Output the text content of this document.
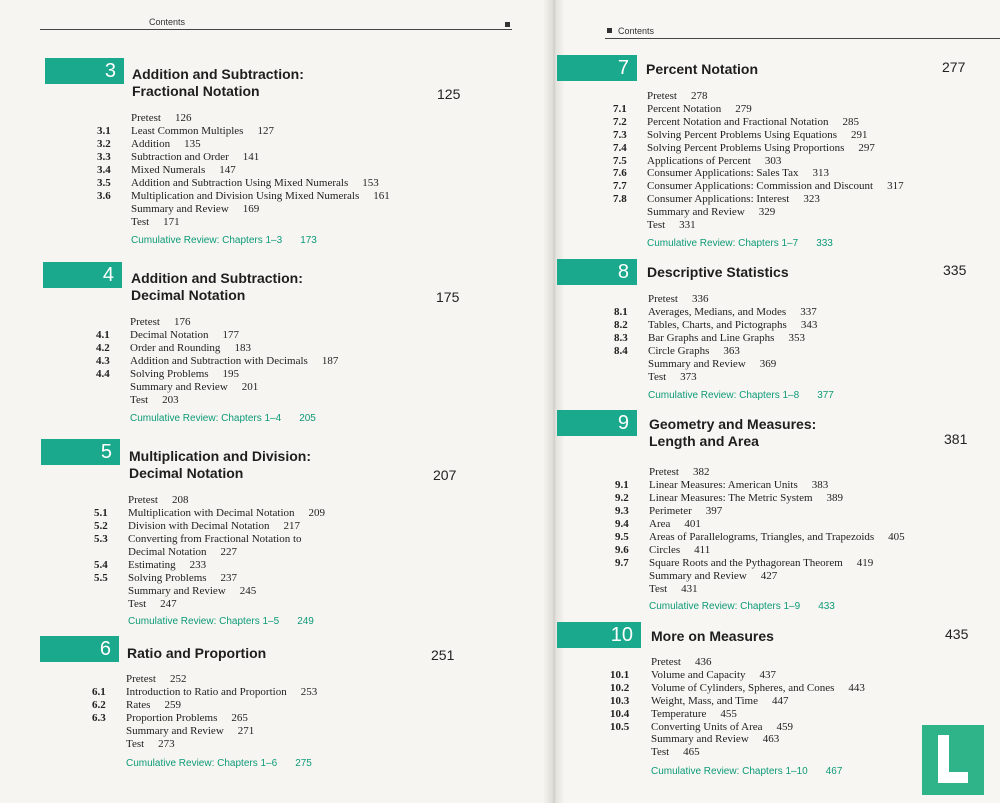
Contents
Contents
3 Addition and Subtraction:
Fractional Notation	125
Pretest 126
3.1 Least Common Multiples 127
3.2 Addition 135
3.3 Subtraction and Order 141
3.4 Mixed Numerals 147
3.5 Addition and Subtraction Using Mixed Numerals 153
3.6 Multiplication and Division Using Mixed Numerals 161
Summary and Review 169
Test 171
Cumulative Review: Chapters 1–3 173
4 Addition and Subtraction:
Decimal Notation	175
Pretest 176
4.1 Decimal Notation 177
4.2 Order and Rounding 183
4.3 Addition and Subtraction with Decimals 187
4.4 Solving Problems 195
Summary and Review 201
Test 203
Cumulative Review: Chapters 1–4 205
5 Multiplication and Division:
Decimal Notation	207
Pretest 208
5.1 Multiplication with Decimal Notation 209
5.2 Division with Decimal Notation 217
5.3 Converting from Fractional Notation to
Decimal Notation 227
5.4 Estimating 233
5.5 Solving Problems 237
Summary and Review 245
Test 247
Cumulative Review: Chapters 1–5 249
6 Ratio and Proportion	251
Pretest 252
6.1 Introduction to Ratio and Proportion 253
6.2 Rates 259
6.3 Proportion Problems 265
Summary and Review 271
Test 273
Cumulative Review: Chapters 1–6 275
7 Percent Notation	277
Pretest 278
7.1 Percent Notation 279
7.2 Percent Notation and Fractional Notation 285
7.3 Solving Percent Problems Using Equations 291
7.4 Solving Percent Problems Using Proportions 297
7.5 Applications of Percent 303
7.6 Consumer Applications: Sales Tax 313
7.7 Consumer Applications: Commission and Discount 317
7.8 Consumer Applications: Interest 323
Summary and Review 329
Test 331
Cumulative Review: Chapters 1–7 333
8 Descriptive Statistics	335
Pretest 336
8.1 Averages, Medians, and Modes 337
8.2 Tables, Charts, and Pictographs 343
8.3 Bar Graphs and Line Graphs 353
8.4 Circle Graphs 363
Summary and Review 369
Test 373
Cumulative Review: Chapters 1–8 377
9 Geometry and Measures:
Length and Area	381
Pretest 382
9.1 Linear Measures: American Units 383
9.2 Linear Measures: The Metric System 389
9.3 Perimeter 397
9.4 Area 401
9.5 Areas of Parallelograms, Triangles, and Trapezoids 405
9.6 Circles 411
9.7 Square Roots and the Pythagorean Theorem 419
Summary and Review 427
Test 431
Cumulative Review: Chapters 1–9 433
10 More on Measures	435
Pretest 436
10.1 Volume and Capacity 437
10.2 Volume of Cylinders, Spheres, and Cones 443
10.3 Weight, Mass, and Time 447
10.4 Temperature 455
10.5 Converting Units of Area 459
Summary and Review 463
Test 465
Cumulative Review: Chapters 1–10 467
